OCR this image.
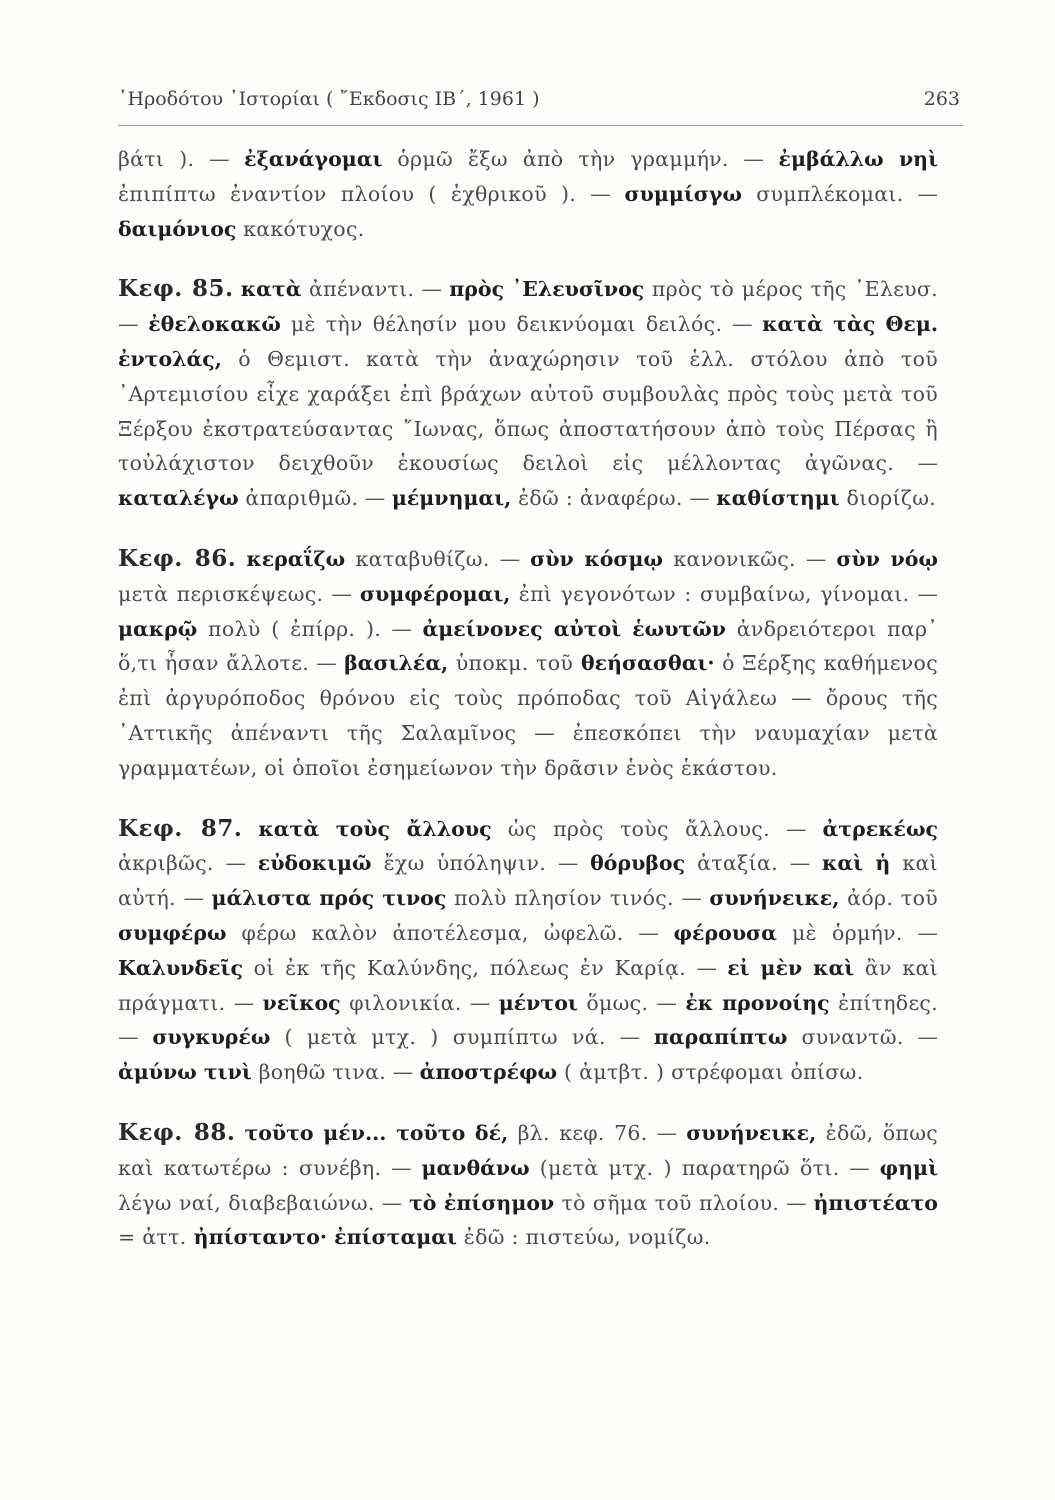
῾Ηροδότου ῾Ιστορίαι ( ῎Εκδοσις ΙΒ΄, 1961 )	263

βάτι ). — ἐξανάγομαι ὁρμῶ ἔξω ἀπὸ τὴν γραμμήν. — ἐμβάλλω νηὶ ἐπιπίπτω ἐναντίον πλοίου ( ἐχθρικοῦ ). — συμμίσγω συμπλέκομαι. — δαιμόνιος κακότυχος.

Κεφ. 85. κατὰ ἀπέναντι. — πρὸς ᾿Ελευσῖνος πρὸς τὸ μέρος τῆς ᾿Ελευσ. — ἐθελοκακῶ μὲ τὴν θέλησίν μου δεικνύομαι δειλός. — κατὰ τὰς Θεμ. ἐντολάς, ὁ Θεμιστ. κατὰ τὴν ἀναχώρησιν τοῦ ἑλλ. στόλου ἀπὸ τοῦ ᾿Αρτεμισίου εἶχε χαράξει ἐπὶ βράχων αὐτοῦ συμβουλὰς πρὸς τοὺς μετὰ τοῦ Ξέρξου ἐκστρατεύσαντας ῎Ιωνας, ὅπως ἀποστατήσουν ἀπὸ τοὺς Πέρσας ἢ τοὐλάχιστον δειχθοῦν ἑκουσίως δειλοὶ εἰς μέλλοντας ἀγῶνας. — καταλέγω ἀπαριθμῶ. — μέμνημαι, ἐδῶ : ἀναφέρω. — καθίστημι διορίζω.

Κεφ. 86. κεραΐζω καταβυθίζω. — σὺν κόσμῳ κανονικῶς. — σὺν νόῳ μετὰ περισκέψεως. — συμφέρομαι, ἐπὶ γεγονότων : συμβαίνω, γίνομαι. — μακρῷ πολὺ ( ἐπίρρ. ). — ἀμείνονες αὐτοὶ ἑωυτῶν ἀνδρειότεροι παρ᾿ ὅ,τι ἦσαν ἄλλοτε. — βασιλέα, ὑποκμ. τοῦ θεήσασθαι· ὁ Ξέρξης καθήμενος ἐπὶ ἀργυρόποδος θρόνου εἰς τοὺς πρόποδας τοῦ Αἰγάλεω — ὄρους τῆς ᾿Αττικῆς ἀπέναντι τῆς Σαλαμῖνος — ἐπεσκόπει τὴν ναυμαχίαν μετὰ γραμματέων, οἱ ὁποῖοι ἐσημείωνον τὴν δρᾶσιν ἑνὸς ἑκάστου.

Κεφ. 87. κατὰ τοὺς ἄλλους ὡς πρὸς τοὺς ἄλλους. — ἀτρεκέως ἀκριβῶς. — εὐδοκιμῶ ἔχω ὑπόληψιν. — θόρυβος ἀταξία. — καὶ ἡ καὶ αὐτή. — μάλιστα πρός τινος πολὺ πλησίον τινός. — συνήνεικε, ἀόρ. τοῦ συμφέρω φέρω καλὸν ἀποτέλεσμα, ὠφελῶ. — φέρουσα μὲ ὁρμήν. — Καλυνδεῖς οἱ ἐκ τῆς Καλύνδης, πόλεως ἐν Καρίᾳ. — εἰ μὲν καὶ ἂν καὶ πράγματι. — νεῖκος φιλονικία. — μέντοι ὅμως. — ἐκ προνοίης ἐπίτηδες. — συγκυρέω ( μετὰ μτχ. ) συμπίπτω νά. — παραπίπτω συναντῶ. — ἀμύνω τινὶ βοηθῶ τινα. — ἀποστρέφω ( ἀμτβτ. ) στρέφομαι ὀπίσω.

Κεφ. 88. τοῦτο μέν... τοῦτο δέ, βλ. κεφ. 76. — συνήνεικε, ἐδῶ, ὅπως καὶ κατωτέρω : συνέβη. — μανθάνω (μετὰ μτχ. ) παρατηρῶ ὅτι. — φημὶ λέγω ναί, διαβεβαιώνω. — τὸ ἐπίσημον τὸ σῆμα τοῦ πλοίου. — ἠπιστέατο = ἀττ. ἠπίσταντο· ἐπίσταμαι ἐδῶ : πιστεύω, νομίζω.
